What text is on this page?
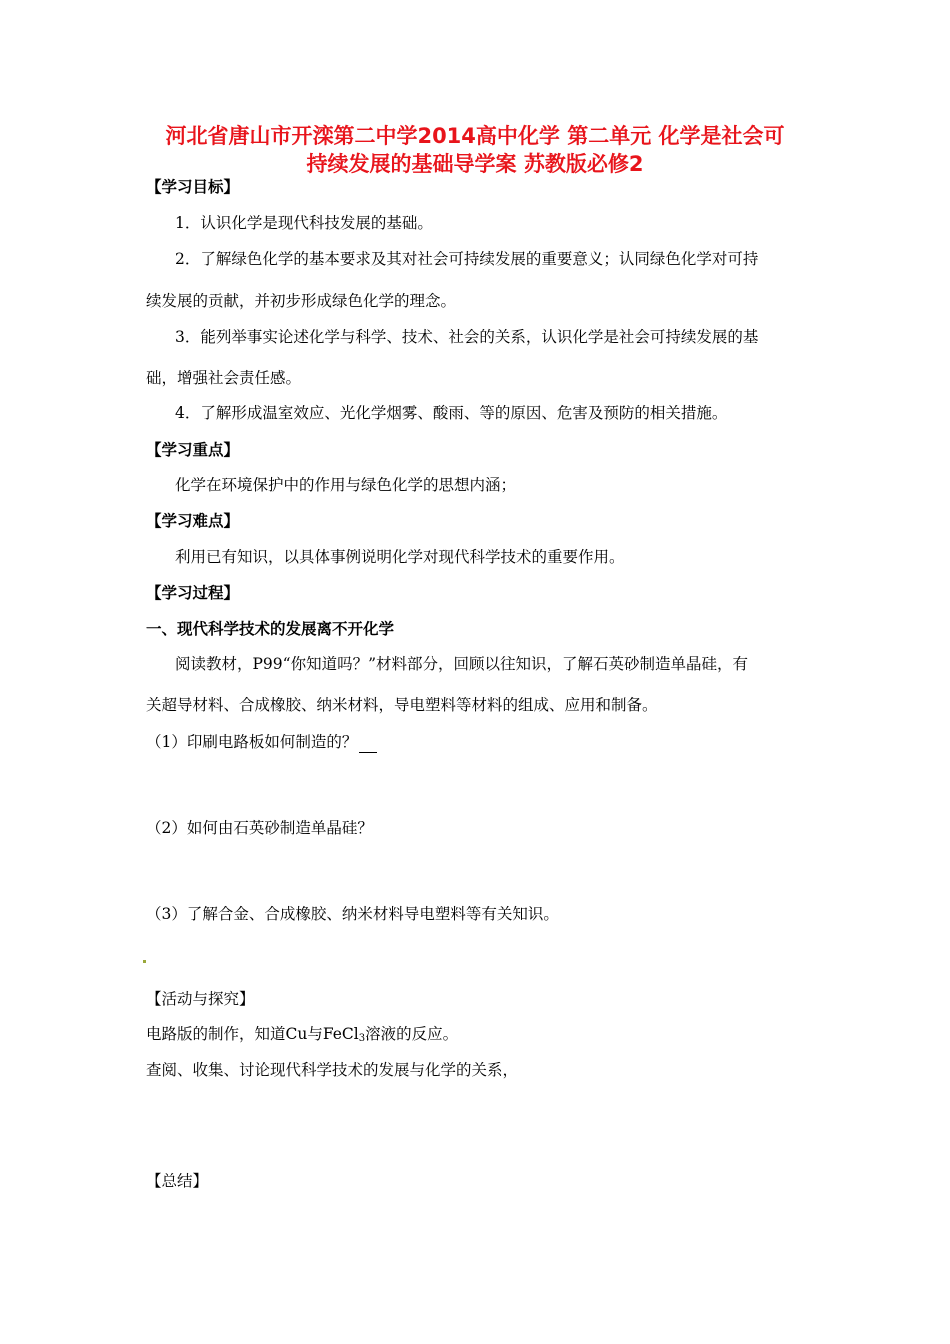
河北省唐山市开滦第二中学2014高中化学 第二单元 化学是社会可
持续发展的基础导学案 苏教版必修2
【学习目标】
1．认识化学是现代科技发展的基础。
2．了解绿色化学的基本要求及其对社会可持续发展的重要意义；认同绿色化学对可持
续发展的贡献，并初步形成绿色化学的理念。
3．能列举事实论述化学与科学、技术、社会的关系，认识化学是社会可持续发展的基
础，增强社会责任感。
4．了解形成温室效应、光化学烟雾、酸雨、等的原因、危害及预防的相关措施。
【学习重点】
化学在环境保护中的作用与绿色化学的思想内涵；
【学习难点】
利用已有知识，以具体事例说明化学对现代科学技术的重要作用。
【学习过程】
一、现代科学技术的发展离不开化学
阅读教材，P99“你知道吗？”材料部分，回顾以往知识，了解石英砂制造单晶硅，有
关超导材料、合成橡胶、纳米材料，导电塑料等材料的组成、应用和制备。
（1）印刷电路板如何制造的？
（2）如何由石英砂制造单晶硅？
（3）了解合金、合成橡胶、纳米材料导电塑料等有关知识。
【活动与探究】
电路版的制作，知道Cu与FeCl$_3$溶液的反应。
查阅、收集、讨论现代科学技术的发展与化学的关系，
【总结】
